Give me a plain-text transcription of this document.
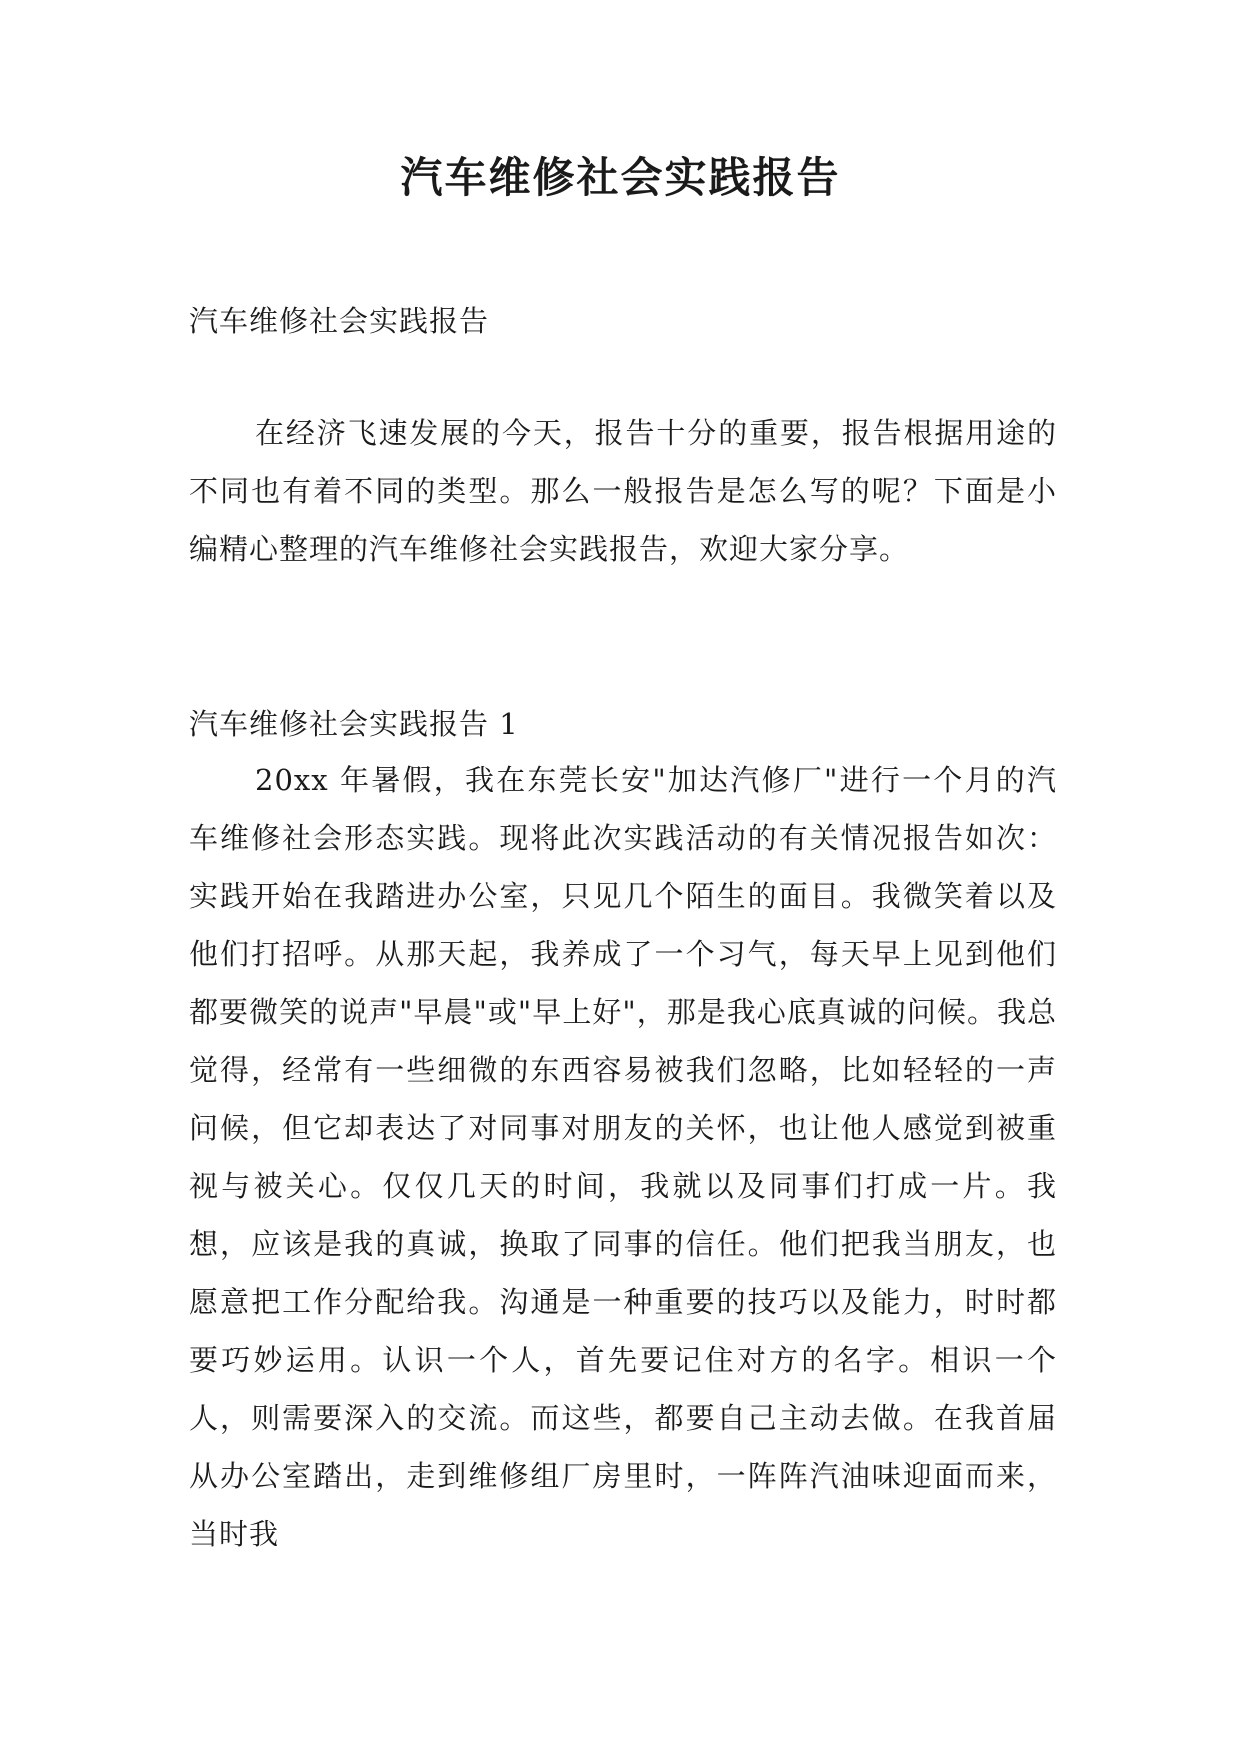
汽车维修社会实践报告

汽车维修社会实践报告

在经济飞速发展的今天，报告十分的重要，报告根据用途的不同也有着不同的类型。那么一般报告是怎么写的呢？下面是小编精心整理的汽车维修社会实践报告，欢迎大家分享。

汽车维修社会实践报告 1

20xx 年暑假，我在东莞长安"加达汽修厂"进行一个月的汽车维修社会形态实践。现将此次实践活动的有关情况报告如次：实践开始在我踏进办公室，只见几个陌生的面目。我微笑着以及他们打招呼。从那天起，我养成了一个习气，每天早上见到他们都要微笑的说声"早晨"或"早上好"，那是我心底真诚的问候。我总觉得，经常有一些细微的东西容易被我们忽略，比如轻轻的一声问候，但它却表达了对同事对朋友的关怀，也让他人感觉到被重视与被关心。仅仅几天的时间，我就以及同事们打成一片。我想，应该是我的真诚，换取了同事的信任。他们把我当朋友，也愿意把工作分配给我。沟通是一种重要的技巧以及能力，时时都要巧妙运用。认识一个人，首先要记住对方的名字。相识一个人，则需要深入的交流。而这些，都要自己主动去做。在我首届从办公室踏出，走到维修组厂房里时，一阵阵汽油味迎面而来，当时我
